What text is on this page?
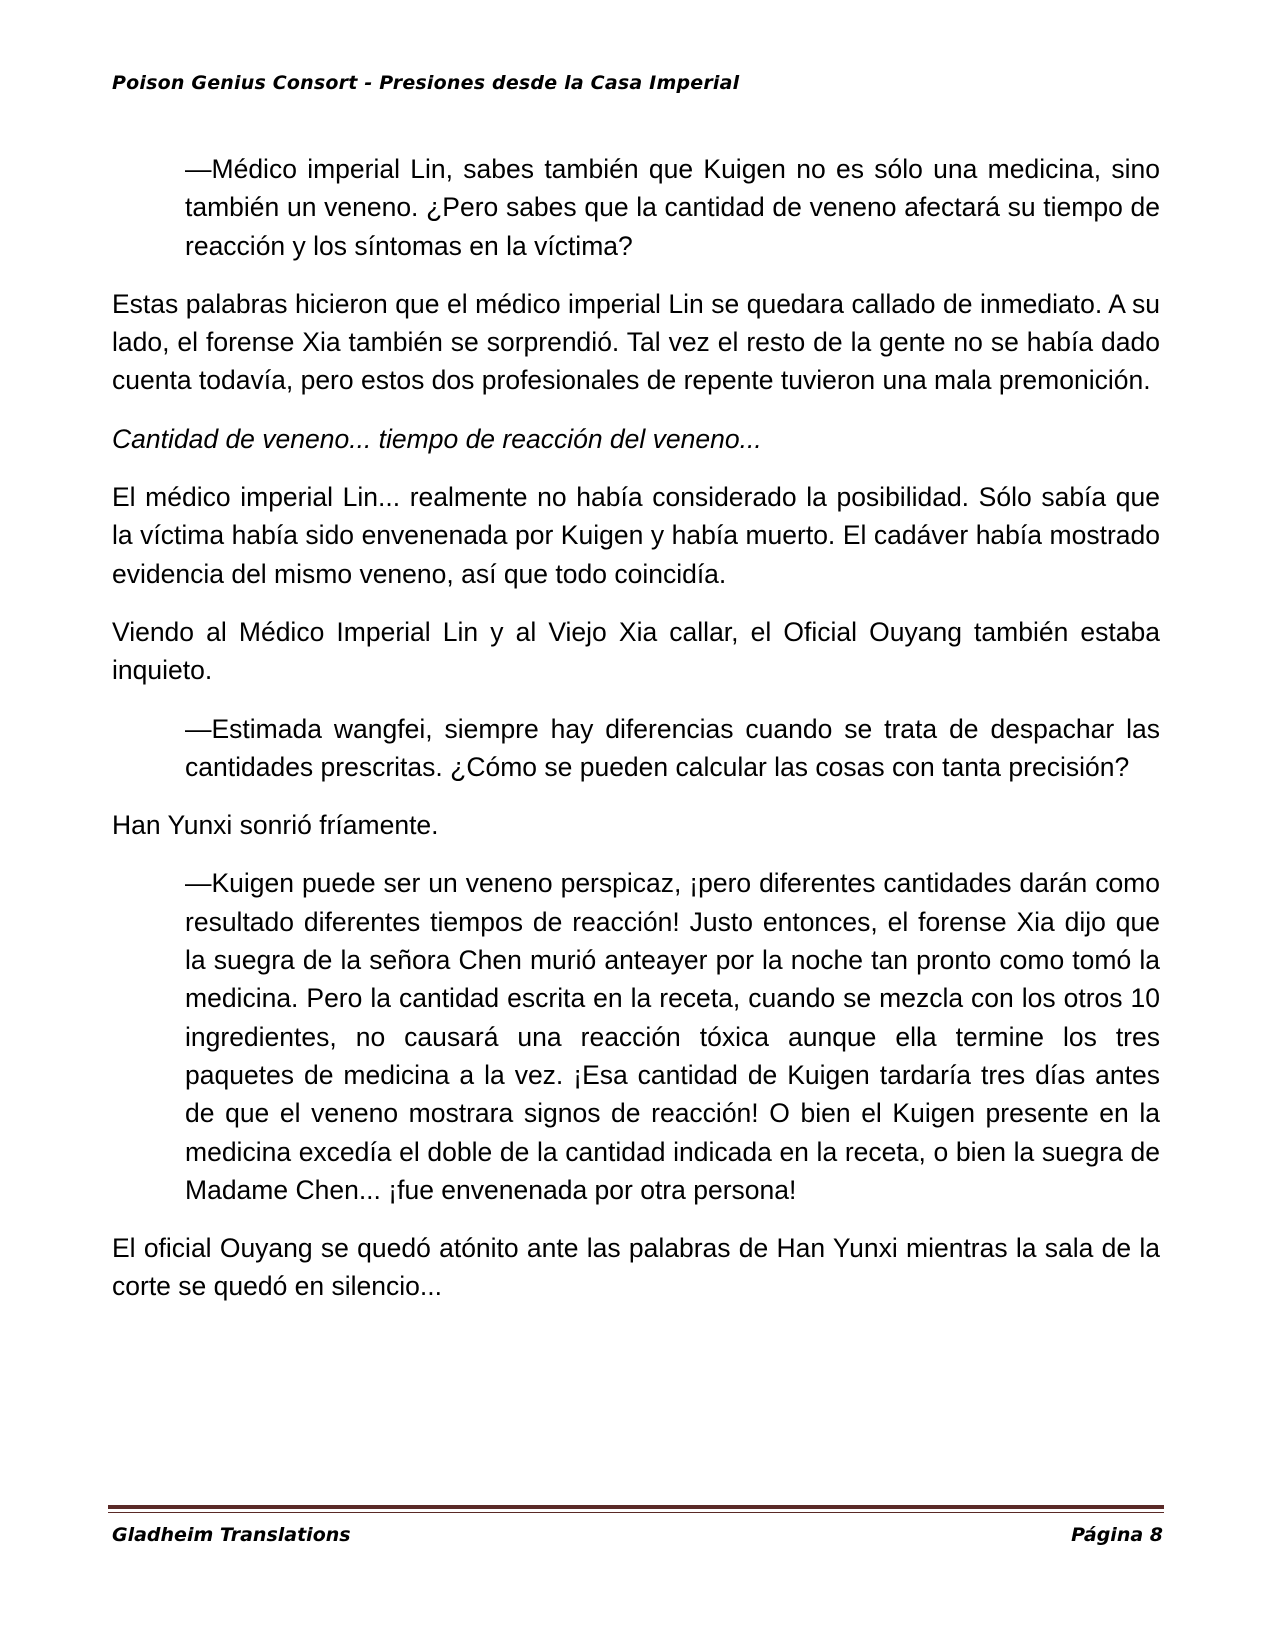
Poison Genius Consort - Presiones desde la Casa Imperial

—Médico imperial Lin, sabes también que Kuigen no es sólo una medicina, sino también un veneno. ¿Pero sabes que la cantidad de veneno afectará su tiempo de reacción y los síntomas en la víctima?

Estas palabras hicieron que el médico imperial Lin se quedara callado de inmediato. A su lado, el forense Xia también se sorprendió. Tal vez el resto de la gente no se había dado cuenta todavía, pero estos dos profesionales de repente tuvieron una mala premonición.

Cantidad de veneno... tiempo de reacción del veneno...

El médico imperial Lin... realmente no había considerado la posibilidad. Sólo sabía que la víctima había sido envenenada por Kuigen y había muerto. El cadáver había mostrado evidencia del mismo veneno, así que todo coincidía.

Viendo al Médico Imperial Lin y al Viejo Xia callar, el Oficial Ouyang también estaba inquieto.

—Estimada wangfei, siempre hay diferencias cuando se trata de despachar las cantidades prescritas. ¿Cómo se pueden calcular las cosas con tanta precisión?

Han Yunxi sonrió fríamente.

—Kuigen puede ser un veneno perspicaz, ¡pero diferentes cantidades darán como resultado diferentes tiempos de reacción! Justo entonces, el forense Xia dijo que la suegra de la señora Chen murió anteayer por la noche tan pronto como tomó la medicina. Pero la cantidad escrita en la receta, cuando se mezcla con los otros 10 ingredientes, no causará una reacción tóxica aunque ella termine los tres paquetes de medicina a la vez. ¡Esa cantidad de Kuigen tardaría tres días antes de que el veneno mostrara signos de reacción! O bien el Kuigen presente en la medicina excedía el doble de la cantidad indicada en la receta, o bien la suegra de Madame Chen... ¡fue envenenada por otra persona!

El oficial Ouyang se quedó atónito ante las palabras de Han Yunxi mientras la sala de la corte se quedó en silencio...

Gladheim Translations	Página 8
